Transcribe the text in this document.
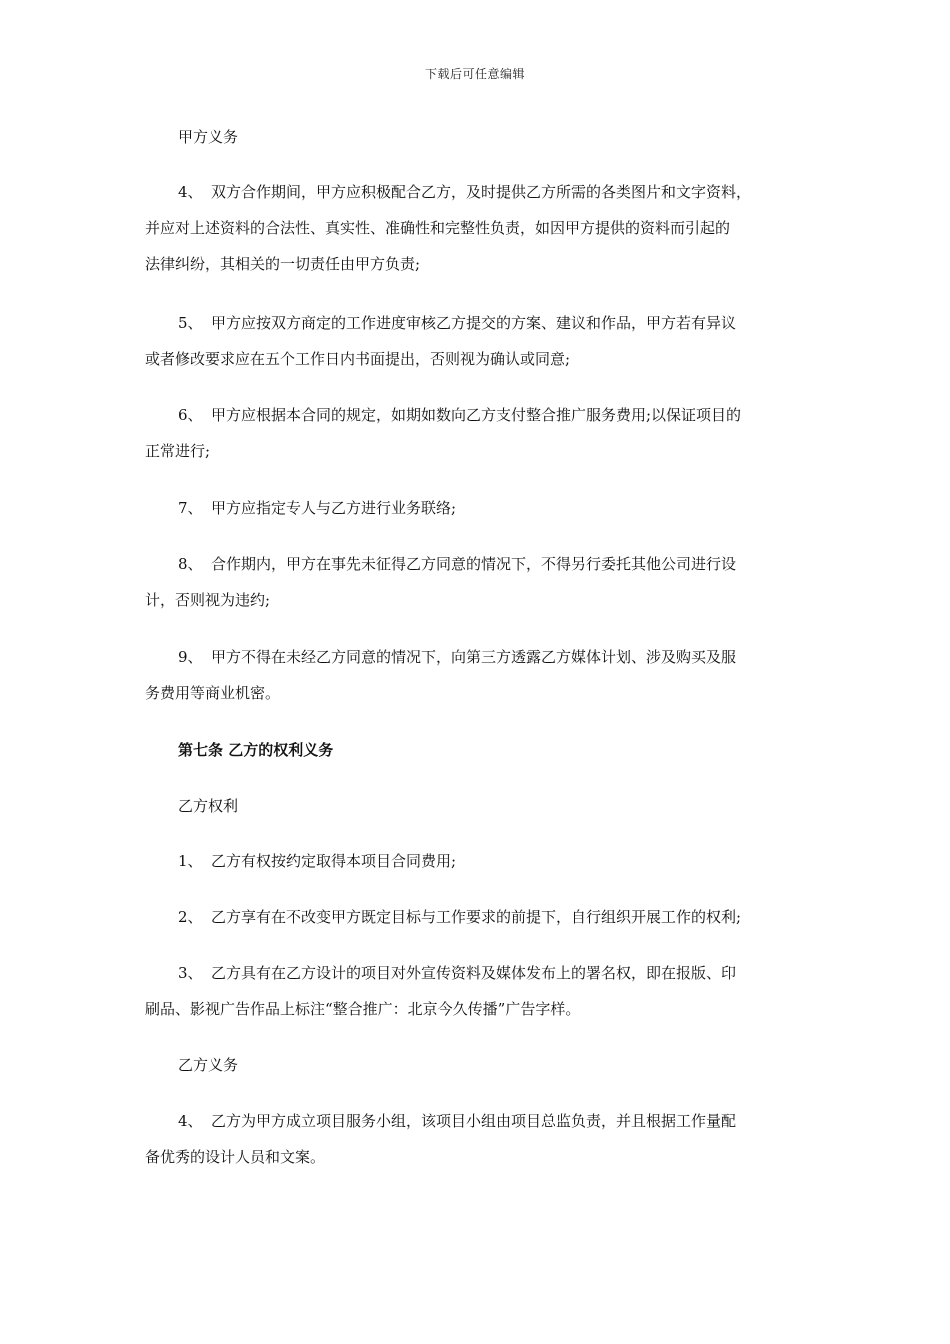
下载后可任意编辑
甲方义务
4、 双方合作期间，甲方应积极配合乙方，及时提供乙方所需的各类图片和文字资料，
并应对上述资料的合法性、真实性、准确性和完整性负责，如因甲方提供的资料而引起的
法律纠纷，其相关的一切责任由甲方负责;
5、 甲方应按双方商定的工作进度审核乙方提交的方案、建议和作品，甲方若有异议
或者修改要求应在五个工作日内书面提出，否则视为确认或同意;
6、 甲方应根据本合同的规定，如期如数向乙方支付整合推广服务费用;以保证项目的
正常进行;
7、 甲方应指定专人与乙方进行业务联络;
8、 合作期内，甲方在事先未征得乙方同意的情况下，不得另行委托其他公司进行设
计，否则视为违约;
9、 甲方不得在未经乙方同意的情况下，向第三方透露乙方媒体计划、涉及购买及服
务费用等商业机密。
第七条 乙方的权利义务
乙方权利
1、 乙方有权按约定取得本项目合同费用;
2、 乙方享有在不改变甲方既定目标与工作要求的前提下，自行组织开展工作的权利;
3、 乙方具有在乙方设计的项目对外宣传资料及媒体发布上的署名权，即在报版、印
刷品、影视广告作品上标注“整合推广：北京今久传播”广告字样。
乙方义务
4、 乙方为甲方成立项目服务小组，该项目小组由项目总监负责，并且根据工作量配
备优秀的设计人员和文案。
